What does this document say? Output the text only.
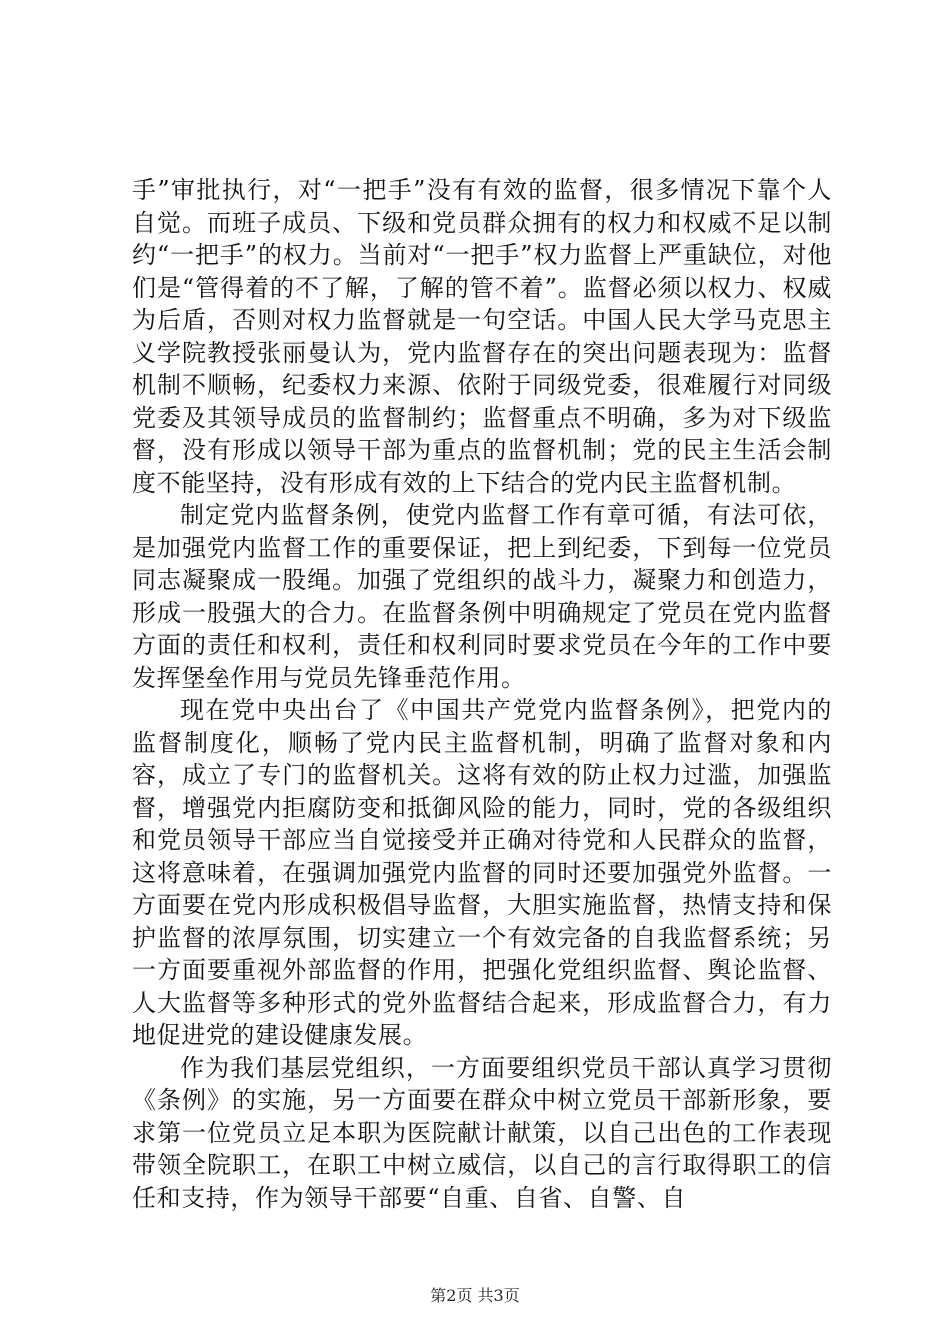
手”审批执行，对“一把手”没有有效的监督，很多情况下靠个人自觉。而班子成员、下级和党员群众拥有的权力和权威不足以制约“一把手”的权力。当前对“一把手”权力监督上严重缺位，对他们是“管得着的不了解，了解的管不着”。监督必须以权力、权威为后盾，否则对权力监督就是一句空话。中国人民大学马克思主义学院教授张丽曼认为，党内监督存在的突出问题表现为：监督机制不顺畅，纪委权力来源、依附于同级党委，很难履行对同级党委及其领导成员的监督制约；监督重点不明确，多为对下级监督，没有形成以领导干部为重点的监督机制；党的民主生活会制度不能坚持，没有形成有效的上下结合的党内民主监督机制。

制定党内监督条例，使党内监督工作有章可循，有法可依，是加强党内监督工作的重要保证，把上到纪委，下到每一位党员同志凝聚成一股绳。加强了党组织的战斗力，凝聚力和创造力，形成一股强大的合力。在监督条例中明确规定了党员在党内监督方面的责任和权利，责任和权利同时要求党员在今年的工作中要发挥堡垒作用与党员先锋垂范作用。

现在党中央出台了《中国共产党党内监督条例》，把党内的监督制度化，顺畅了党内民主监督机制，明确了监督对象和内容，成立了专门的监督机关。这将有效的防止权力过滥，加强监督，增强党内拒腐防变和抵御风险的能力，同时，党的各级组织和党员领导干部应当自觉接受并正确对待党和人民群众的监督，这将意味着，在强调加强党内监督的同时还要加强党外监督。一方面要在党内形成积极倡导监督，大胆实施监督，热情支持和保护监督的浓厚氛围，切实建立一个有效完备的自我监督系统；另一方面要重视外部监督的作用，把强化党组织监督、舆论监督、人大监督等多种形式的党外监督结合起来，形成监督合力，有力地促进党的建设健康发展。

作为我们基层党组织，一方面要组织党员干部认真学习贯彻《条例》的实施，另一方面要在群众中树立党员干部新形象，要求第一位党员立足本职为医院献计献策，以自己出色的工作表现带领全院职工，在职工中树立威信，以自己的言行取得职工的信任和支持，作为领导干部要“自重、自省、自警、自

第2页 共3页
